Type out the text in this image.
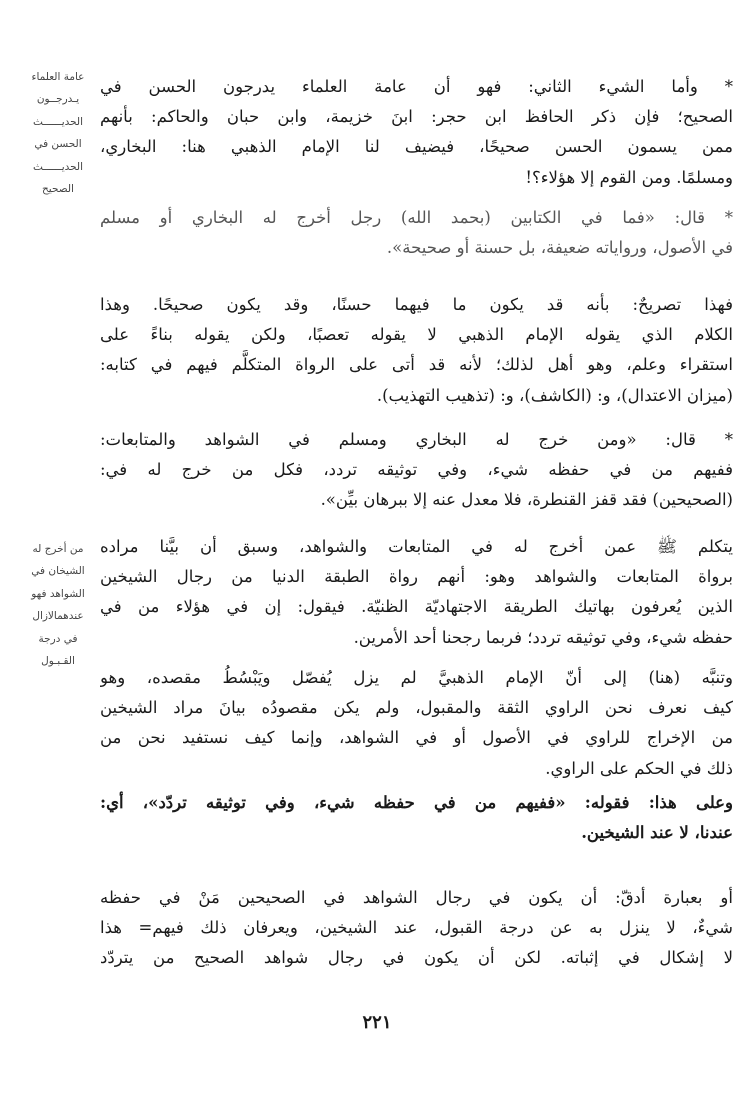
عامة العلماء
يـدرجــون
الحديــــــث
الحسن في
الحديــــــث
الصحيح
من أخرج له
الشيخان في
الشواهد فهو
عندهمالازال
في درجة
القـبـول
* وأما الشيء الثاني: فهو أن عامة العلماء يدرجون الحسن في
الصحيح؛ فإن ذكر الحافظ ابن حجر: ابنَ خزيمة، وابن حبان والحاكم: بأنهم
ممن يسمون الحسن صحيحًا، فيضيف لنا الإمام الذهبي هنا: البخاري،
ومسلمًا. ومن القوم إلا هؤلاء؟!
* قال: «فما في الكتابين (بحمد الله) رجل أخرج له البخاري أو مسلم
في الأصول، ورواياته ضعيفة، بل حسنة أو صحيحة».
فهذا تصريحٌ: بأنه قد يكون ما فيهما حسنًا، وقد يكون صحيحًا. وهذا
الكلام الذي يقوله الإمام الذهبي لا يقوله تعصبًا، ولكن يقوله بناءً على
استقراء وعلم، وهو أهل لذلك؛ لأنه قد أتى على الرواة المتكلَّم فيهم في كتابه:
(ميزان الاعتدال)، و: (الكاشف)، و: (تذهيب التهذيب).
* قال: «ومن خرج له البخاري ومسلم في الشواهد والمتابعات:
ففيهم من في حفظه شيء، وفي توثيقه تردد، فكل من خرج له في:
(الصحيحين) فقد قفز القنطرة، فلا معدل عنه إلا ببرهان بيِّن».
يتكلم ﷺ عمن أخرج له في المتابعات والشواهد، وسبق أن بيَّنا مراده
برواة المتابعات والشواهد وهو: أنهم رواة الطبقة الدنيا من رجال الشيخين
الذين يُعرفون بهاتيك الطريقة الاجتهاديّة الظنيّة. فيقول: إن في هؤلاء من في
حفظه شيء، وفي توثيقه تردد؛ فربما رجحنا أحد الأمرين.
وتنبَّه (هنا) إلى أنّ الإمام الذهبيَّ لم يزل يُفصّل ويَبْسُطُ مقصده، وهو
كيف نعرف نحن الراوي الثقة والمقبول، ولم يكن مقصودُه بيانَ مراد الشيخين
من الإخراج للراوي في الأصول أو في الشواهد، وإنما كيف نستفيد نحن من
ذلك في الحكم على الراوي.
وعلى هذا: فقوله: «ففيهم من في حفظه شيء، وفي توثيقه تردّد»، أي:
عندنا، لا عند الشيخين.
أو بعبارة أدقّ: أن يكون في رجال الشواهد في الصحيحين مَنْ في حفظه
شيءٌ، لا ينزل به عن درجة القبول، عند الشيخين، ويعرفان ذلك فيهم= هذا
لا إشكال في إثباته. لكن أن يكون في رجال شواهد الصحيح من يتردّد
٢٢١
